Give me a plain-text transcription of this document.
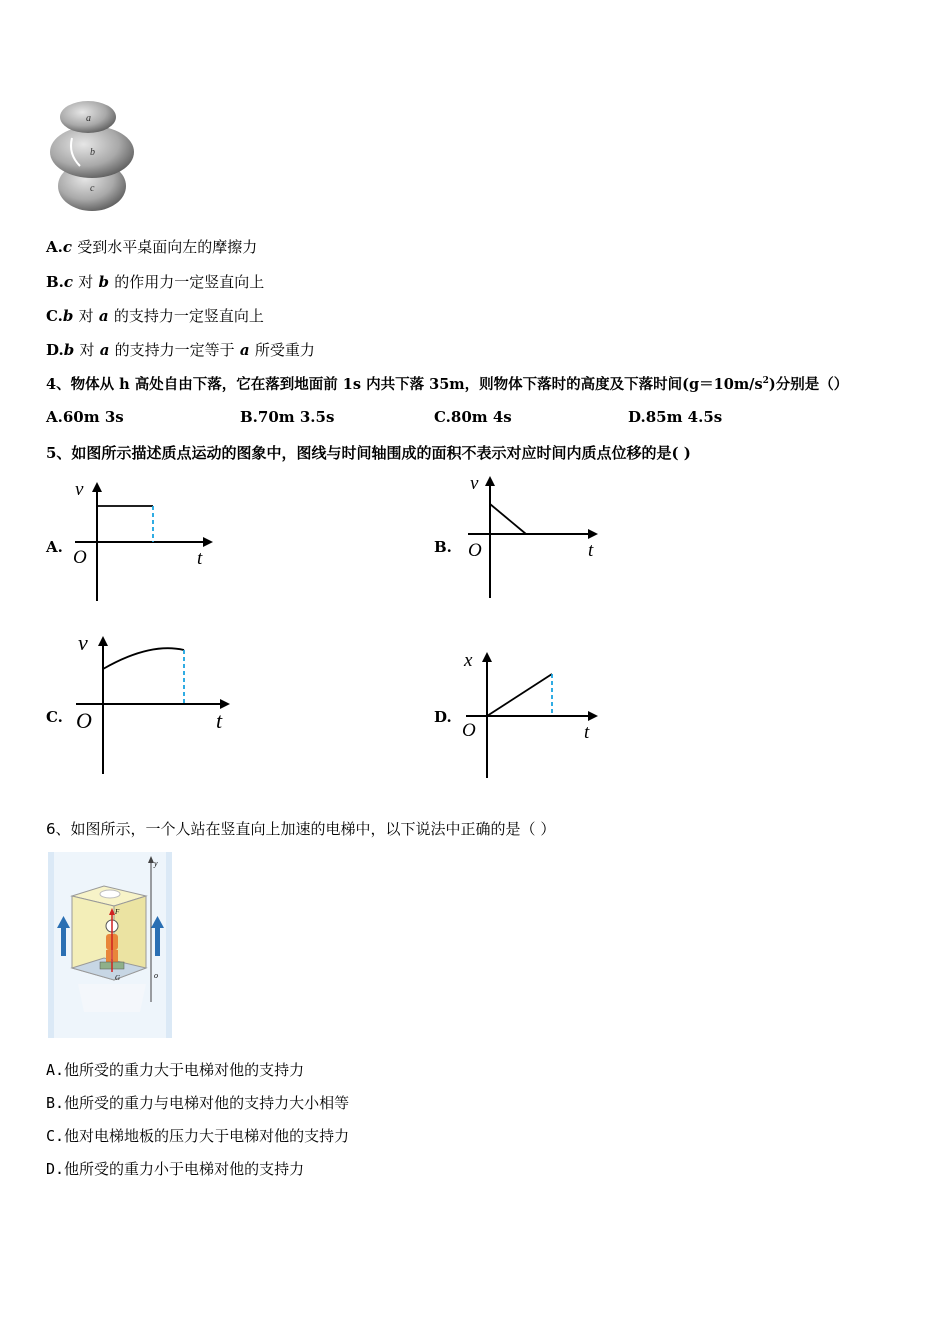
a
b
c
A.c 受到水平桌面向左的摩擦力
B.c 对 b 的作用力一定竖直向上
C.b 对 a 的支持力一定竖直向上
D.b 对 a 的支持力一定等于 a 所受重力
4、物体从 h 高处自由下落，它在落到地面前 1s 内共下落 35m，则物体下落时的高度及下落时间$(g=10m/s^2)$分别是（）
A.60m 3s	B.70m 3.5s	C.80m 4s	D.85m 4.5s
5、如图所示描述质点运动的图象中，图线与时间轴围成的面积不表示对应时间内质点位移的是( )
A.
v
O	t
B.
v
O	t
C.
v
O	t	D.
x
O	t
6、如图所示，一个人站在竖直向上加速的电梯中，以下说法中正确的是（ ）
y
o
F
G
A.他所受的重力大于电梯对他的支持力
B.他所受的重力与电梯对他的支持力大小相等
C.他对电梯地板的压力大于电梯对他的支持力
D.他所受的重力小于电梯对他的支持力
